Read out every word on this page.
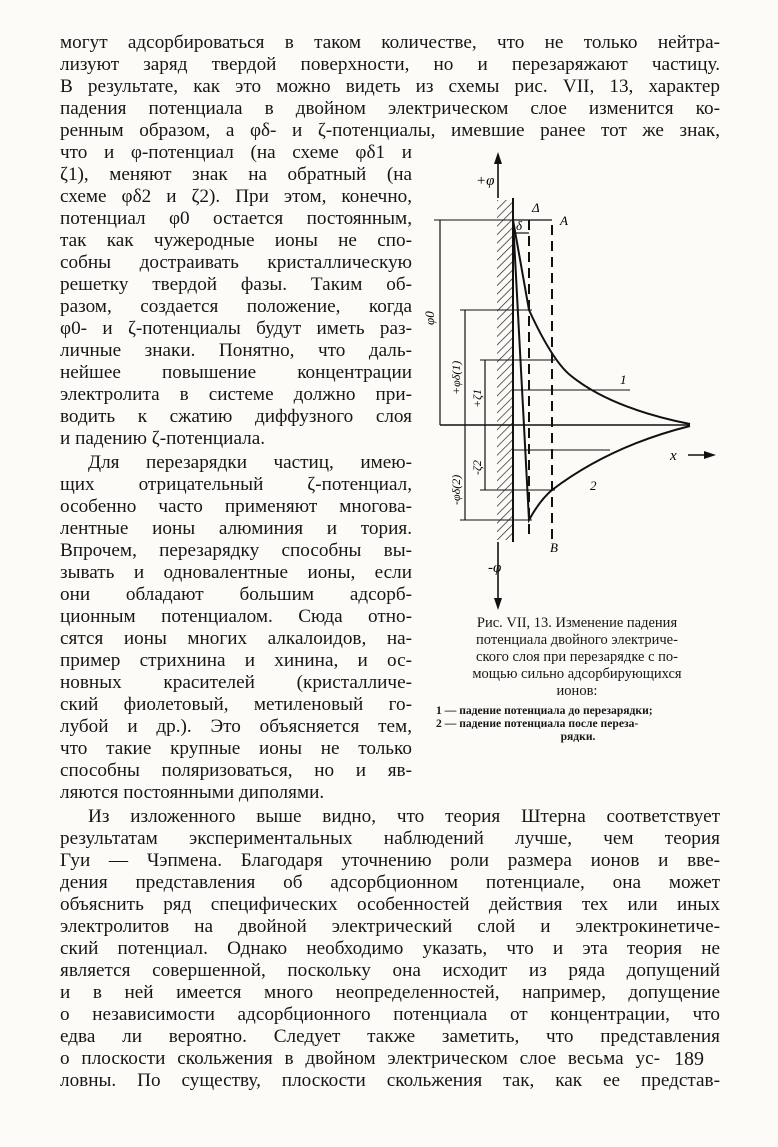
могут адсорбироваться в таком количестве, что не только нейтра-
лизуют заряд твердой поверхности, но и перезаряжают частицу.
В результате, как это можно видеть из схемы рис. VII, 13, характер
падения потенциала в двойном электрическом слое изменится ко-
ренным образом, а φδ- и ζ-потенциалы, имевшие ранее тот же знак,
что и φ-потенциал (на схеме φδ1 и
ζ1), меняют знак на обратный (на
схеме φδ2 и ζ2). При этом, конечно,
потенциал φ0 остается постоянным,
так как чужеродные ионы не спо-
собны достраивать кристаллическую
решетку твердой фазы. Таким об-
разом, создается положение, когда
φ0- и ζ-потенциалы будут иметь раз-
личные знаки. Понятно, что даль-
нейшее повышение концентрации
электролита в системе должно при-
водить к сжатию диффузного слоя
и падению ζ-потенциала.
Для перезарядки частиц, имею-
щих отрицательный ζ-потенциал,
особенно часто применяют многова-
лентные ионы алюминия и тория.
Впрочем, перезарядку способны вы-
зывать и одновалентные ионы, если
они обладают большим адсорб-
ционным потенциалом. Сюда отно-
сятся ионы многих алкалоидов, на-
пример стрихнина и хинина, и ос-
новных красителей (кристалличе-
ский фиолетовый, метиленовый го-
лубой и др.). Это объясняется тем,
что такие крупные ионы не только
способны поляризоваться, но и яв-
ляются постоянными диполями.
Из изложенного выше видно, что теория Штерна соответствует
результатам экспериментальных наблюдений лучше, чем теория
Гуи — Чэпмена. Благодаря уточнению роли размера ионов и вве-
дения представления об адсорбционном потенциале, она может
объяснить ряд специфических особенностей действия тех или иных
электролитов на двойной электрический слой и электрокинетиче-
ский потенциал. Однако необходимо указать, что и эта теория не
является совершенной, поскольку она исходит из ряда допущений
и в ней имеется много неопределенностей, например, допущение
о независимости адсорбционного потенциала от концентрации, что
едва ли вероятно. Следует также заметить, что представления
о плоскости скольжения в двойном электрическом слое весьма ус-
ловны. По существу, плоскости скольжения так, как ее представ-
+φ
-φ
Δ
δ	A
B
x
1
2
φ0
+φδ(1)
+ζ1
-φδ(2)
-ζ2
Рис. VII, 13. Изменение падения
потенциала двойного электриче-
ского слоя при перезарядке с по-
мощью сильно адсорбирующихся
ионов:
1 — падение потенциала до перезарядки;
2 — падение потенциала после переза-
рядки.
189
